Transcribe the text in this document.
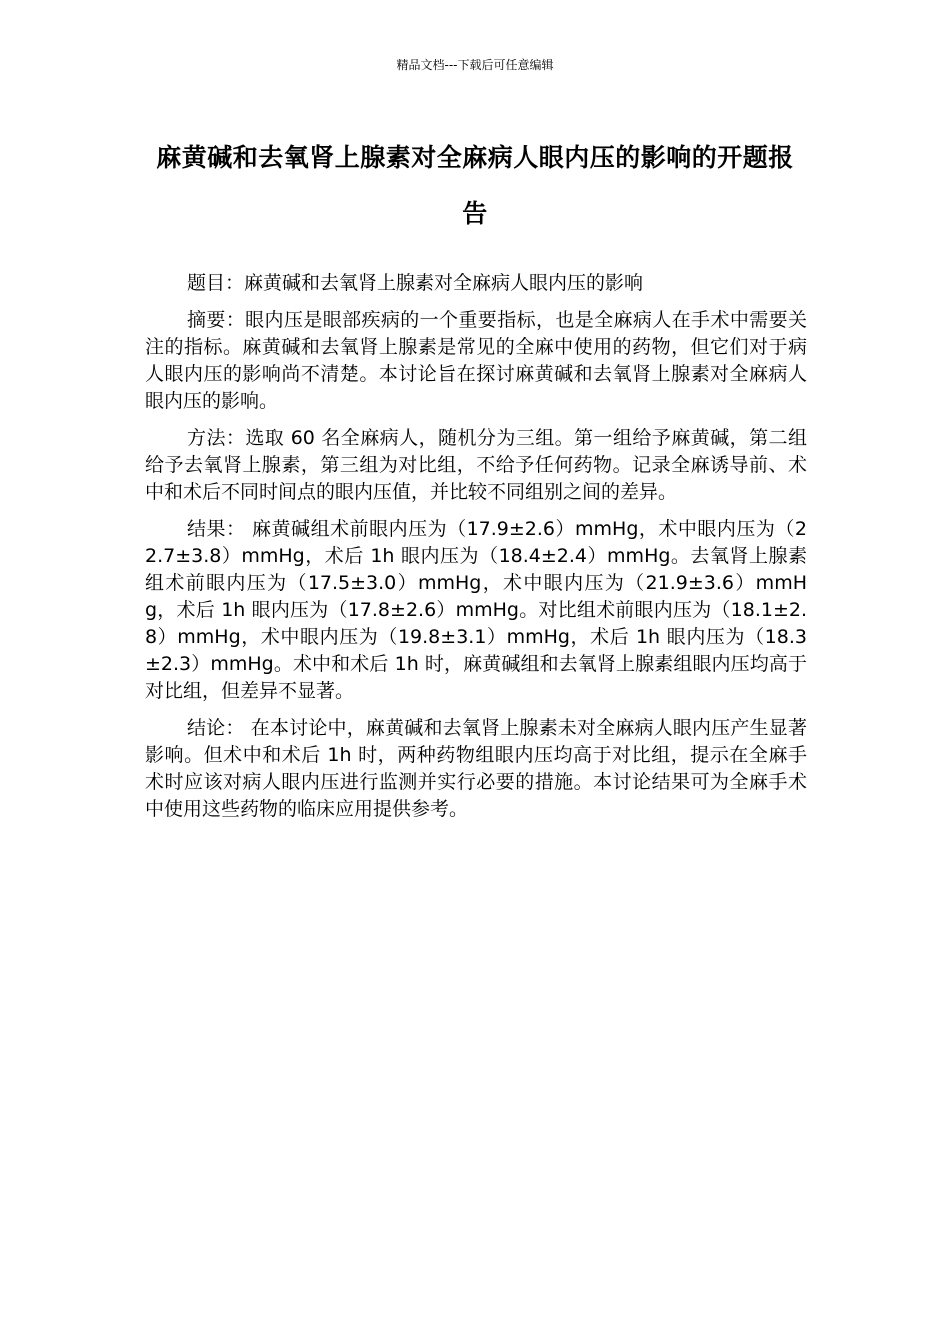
精品文档---下载后可任意编辑
麻黄碱和去氧肾上腺素对全麻病人眼内压的影响的开题报告

题目：麻黄碱和去氧肾上腺素对全麻病人眼内压的影响

摘要：眼内压是眼部疾病的一个重要指标，也是全麻病人在手术中需要关注的指标。麻黄碱和去氧肾上腺素是常见的全麻中使用的药物，但它们对于病人眼内压的影响尚不清楚。本讨论旨在探讨麻黄碱和去氧肾上腺素对全麻病人眼内压的影响。

方法：选取 60 名全麻病人，随机分为三组。第一组给予麻黄碱，第二组给予去氧肾上腺素，第三组为对比组，不给予任何药物。记录全麻诱导前、术中和术后不同时间点的眼内压值，并比较不同组别之间的差异。

结果： 麻黄碱组术前眼内压为（17.9±2.6）mmHg，术中眼内压为（22.7±3.8）mmHg，术后 1h 眼内压为（18.4±2.4）mmHg。去氧肾上腺素组术前眼内压为（17.5±3.0）mmHg，术中眼内压为（21.9±3.6）mmHg，术后 1h 眼内压为（17.8±2.6）mmHg。对比组术前眼内压为（18.1±2.8）mmHg，术中眼内压为（19.8±3.1）mmHg，术后 1h 眼内压为（18.3±2.3）mmHg。术中和术后 1h 时，麻黄碱组和去氧肾上腺素组眼内压均高于对比组，但差异不显著。

结论： 在本讨论中，麻黄碱和去氧肾上腺素未对全麻病人眼内压产生显著影响。但术中和术后 1h 时，两种药物组眼内压均高于对比组，提示在全麻手术时应该对病人眼内压进行监测并实行必要的措施。本讨论结果可为全麻手术中使用这些药物的临床应用提供参考。
